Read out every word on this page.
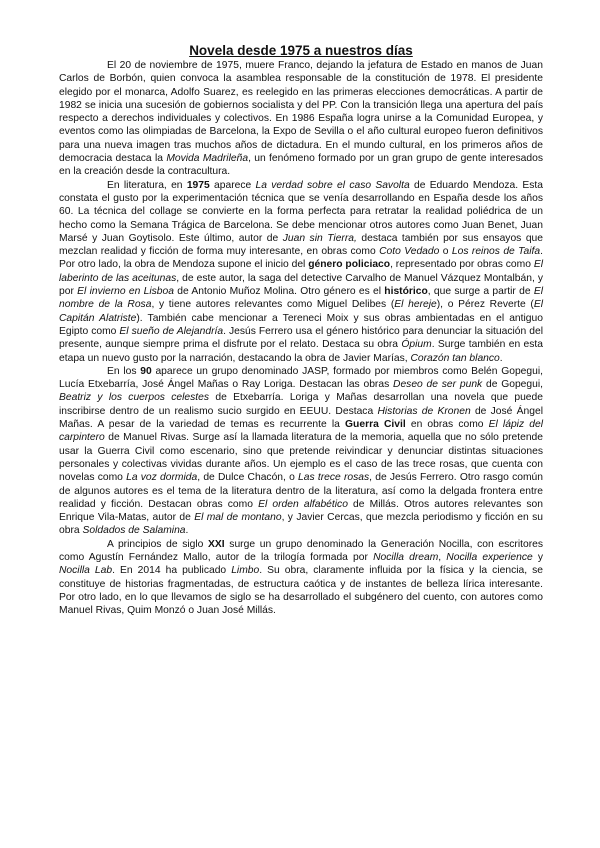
Novela desde 1975 a nuestros días

El 20 de noviembre de 1975, muere Franco, dejando la jefatura de Estado en manos de Juan Carlos de Borbón, quien convoca la asamblea responsable de la constitución de 1978. El presidente elegido por el monarca, Adolfo Suarez, es reelegido en las primeras elecciones democráticas. A partir de 1982 se inicia una sucesión de gobiernos socialista y del PP. Con la transición llega una apertura del país respecto a derechos individuales y colectivos. En 1986 España logra unirse a la Comunidad Europea, y eventos como las olimpiadas de Barcelona, la Expo de Sevilla o el año cultural europeo fueron definitivos para una nueva imagen tras muchos años de dictadura. En el mundo cultural, en los primeros años de democracia destaca la Movida Madrileña, un fenómeno formado por un gran grupo de gente interesados en la creación desde la contracultura.

En literatura, en 1975 aparece La verdad sobre el caso Savolta de Eduardo Mendoza. Esta constata el gusto por la experimentación técnica que se venía desarrollando en España desde los años 60. La técnica del collage se convierte en la forma perfecta para retratar la realidad poliédrica de un hecho como la Semana Trágica de Barcelona. Se debe mencionar otros autores como Juan Benet, Juan Marsé y Juan Goytisolo. Este último, autor de Juan sin Tierra, destaca también por sus ensayos que mezclan realidad y ficción de forma muy interesante, en obras como Coto Vedado o Los reinos de Taifa. Por otro lado, la obra de Mendoza supone el inicio del género policiaco, representado por obras como El laberinto de las aceitunas, de este autor, la saga del detective Carvalho de Manuel Vázquez Montalbán, y por El invierno en Lisboa de Antonio Muñoz Molina. Otro género es el histórico, que surge a partir de El nombre de la Rosa, y tiene autores relevantes como Miguel Delibes (El hereje), o Pérez Reverte (El Capitán Alatriste). También cabe mencionar a Tereneci Moix y sus obras ambientadas en el antiguo Egipto como El sueño de Alejandría. Jesús Ferrero usa el género histórico para denunciar la situación del presente, aunque siempre prima el disfrute por el relato. Destaca su obra Ópium. Surge también en esta etapa un nuevo gusto por la narración, destacando la obra de Javier Marías, Corazón tan blanco.

En los 90 aparece un grupo denominado JASP, formado por miembros como Belén Gopegui, Lucía Etxebarría, José Ángel Mañas o Ray Loriga. Destacan las obras Deseo de ser punk de Gopegui, Beatriz y los cuerpos celestes de Etxebarría. Loriga y Mañas desarrollan una novela que puede inscribirse dentro de un realismo sucio surgido en EEUU. Destaca Historias de Kronen de José Ángel Mañas. A pesar de la variedad de temas es recurrente la Guerra Civil en obras como El lápiz del carpintero de Manuel Rivas. Surge así la llamada literatura de la memoria, aquella que no sólo pretende usar la Guerra Civil como escenario, sino que pretende reivindicar y denunciar distintas situaciones personales y colectivas vividas durante años. Un ejemplo es el caso de las trece rosas, que cuenta con novelas como La voz dormida, de Dulce Chacón, o Las trece rosas, de Jesús Ferrero. Otro rasgo común de algunos autores es el tema de la literatura dentro de la literatura, así como la delgada frontera entre realidad y ficción. Destacan obras como El orden alfabético de Millás. Otros autores relevantes son Enrique Vila-Matas, autor de El mal de montano, y Javier Cercas, que mezcla periodismo y ficción en su obra Soldados de Salamina.

A principios de siglo XXI surge un grupo denominado la Generación Nocilla, con escritores como Agustín Fernández Mallo, autor de la trilogía formada por Nocilla dream, Nocilla experience y Nocilla Lab. En 2014 ha publicado Limbo. Su obra, claramente influida por la física y la ciencia, se constituye de historias fragmentadas, de estructura caótica y de instantes de belleza lírica interesante. Por otro lado, en lo que llevamos de siglo se ha desarrollado el subgénero del cuento, con autores como Manuel Rivas, Quim Monzó o Juan José Millás.
